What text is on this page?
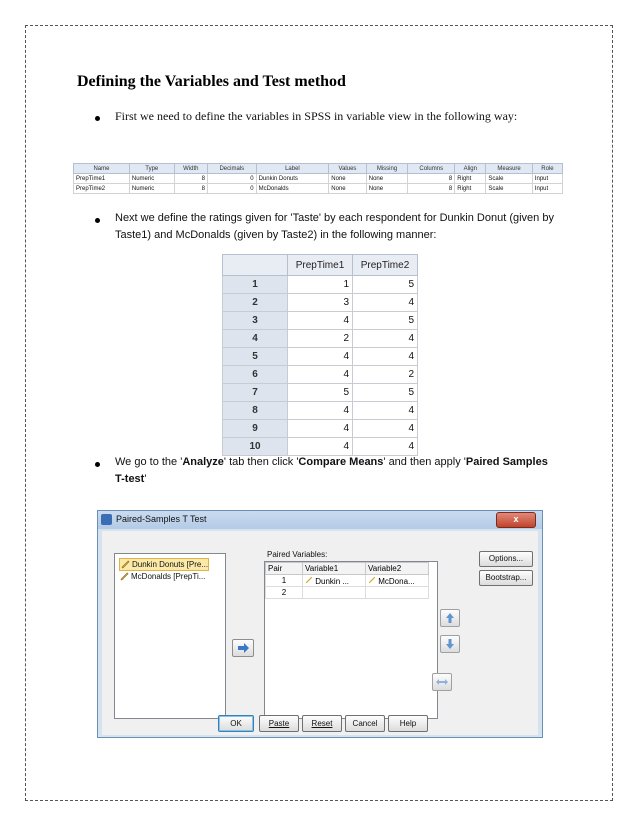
Defining the Variables and Test method
First we need to define the variables in SPSS in variable view in the following way:
Name	Type	Width	Decimals	Label	Values	Missing	Columns	Align	Measure	Role
PrepTime1	Numeric	8	0	Dunkin Donuts	None	None	8	Right	Scale	Input
PrepTime2	Numeric	8	0	McDonalds	None	None	8	Right	Scale	Input
Next we define the ratings given for 'Taste' by each respondent for Dunkin Donut (given by Taste1) and McDonalds (given by Taste2) in the following manner:
	PrepTime1	PrepTime2
1	1	5
2	3	4
3	4	5
4	2	4
5	4	4
6	4	2
7	5	5
8	4	4
9	4	4
10	4	4
We go to the 'Analyze' tab then click 'Compare Means' and then apply 'Paired Samples T-test'
Paired-Samples T Test	x
Dunkin Donuts [Pre...
McDonalds [PrepTi...
Paired Variables:
Pair	Variable1	Variable2
1	Dunkin ...	McDona...
2		
Options...
Bootstrap...
OK	Paste	Reset	Cancel	Help
